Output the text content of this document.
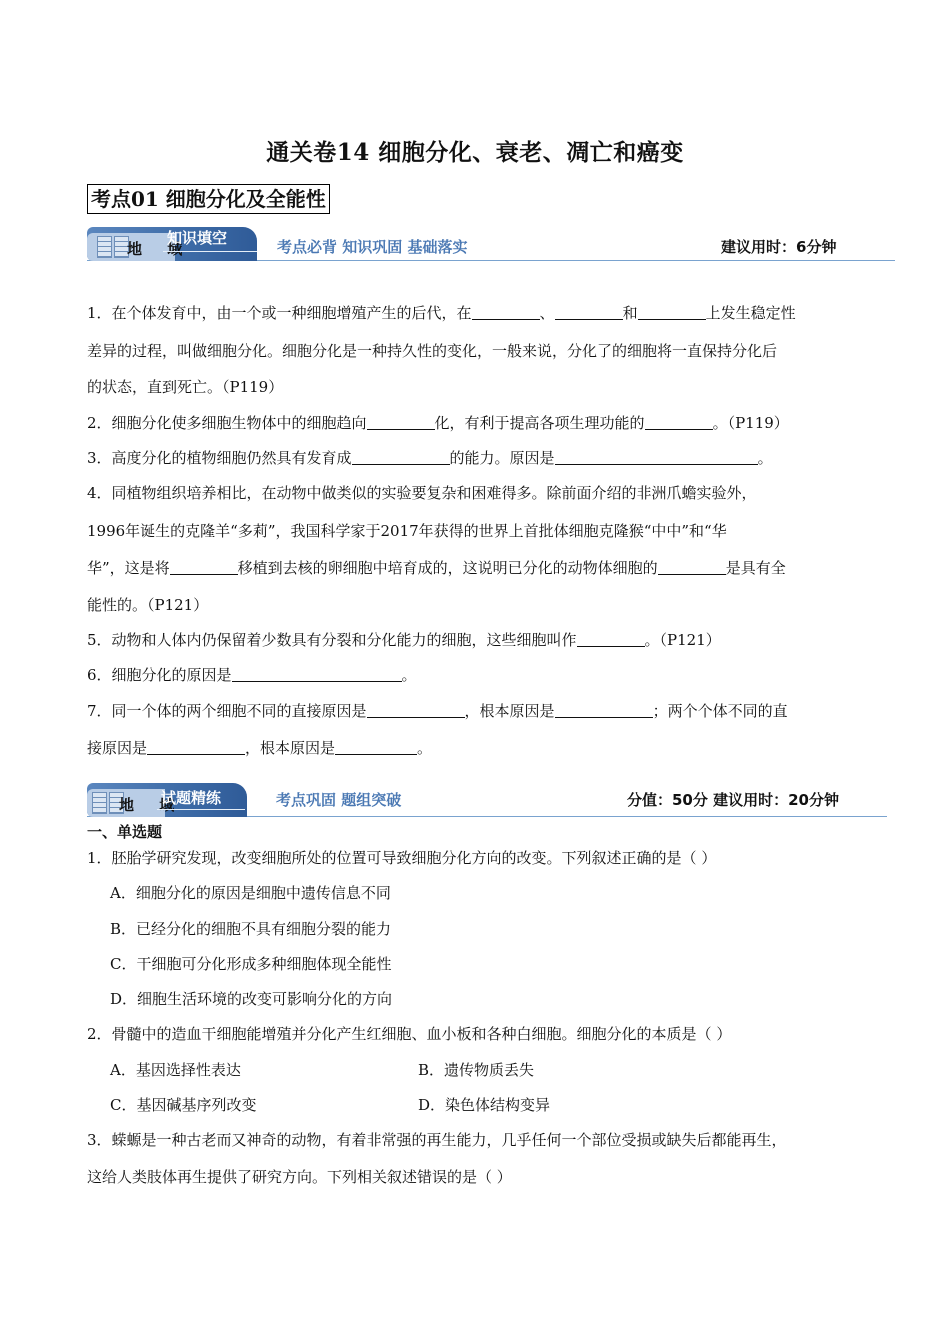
通关卷14 细胞分化、衰老、凋亡和癌变
考点01 细胞分化及全能性
地 域
知识填空	考点必背 知识巩固 基础落实	建议用时：6分钟
1．在个体发育中，由一个或一种细胞增殖产生的后代，在	、	和	上发生稳定性
差异的过程，叫做细胞分化。细胞分化是一种持久性的变化，一般来说，分化了的细胞将一直保持分化后
的状态，直到死亡。（P119）
2．细胞分化使多细胞生物体中的细胞趋向	化，有利于提高各项生理功能的	。（P119）
3．高度分化的植物细胞仍然具有发育成	的能力。原因是	。
4．同植物组织培养相比，在动物中做类似的实验要复杂和困难得多。除前面介绍的非洲爪蟾实验外，
1996年诞生的克隆羊“多莉”，我国科学家于2017年获得的世界上首批体细胞克隆猴“中中”和“华
华”，这是将	移植到去核的卵细胞中培育成的，这说明已分化的动物体细胞的	是具有全
能性的。（P121）
5．动物和人体内仍保留着少数具有分裂和分化能力的细胞，这些细胞叫作	。（P121）
6．细胞分化的原因是	。
7．同一个体的两个细胞不同的直接原因是	，根本原因是	；两个个体不同的直
接原因是	，根本原因是	。
地 域
试题精练	考点巩固 题组突破	分值：50分 建议用时：20分钟
一、单选题
1．胚胎学研究发现，改变细胞所处的位置可导致细胞分化方向的改变。下列叙述正确的是（ ）
A．细胞分化的原因是细胞中遗传信息不同
B．已经分化的细胞不具有细胞分裂的能力
C．干细胞可分化形成多种细胞体现全能性
D．细胞生活环境的改变可影响分化的方向
2．骨髓中的造血干细胞能增殖并分化产生红细胞、血小板和各种白细胞。细胞分化的本质是（ ）
A．基因选择性表达	B．遗传物质丢失
C．基因碱基序列改变	D．染色体结构变异
3．蝾螈是一种古老而又神奇的动物，有着非常强的再生能力，几乎任何一个部位受损或缺失后都能再生，
这给人类肢体再生提供了研究方向。下列相关叙述错误的是（ ）
